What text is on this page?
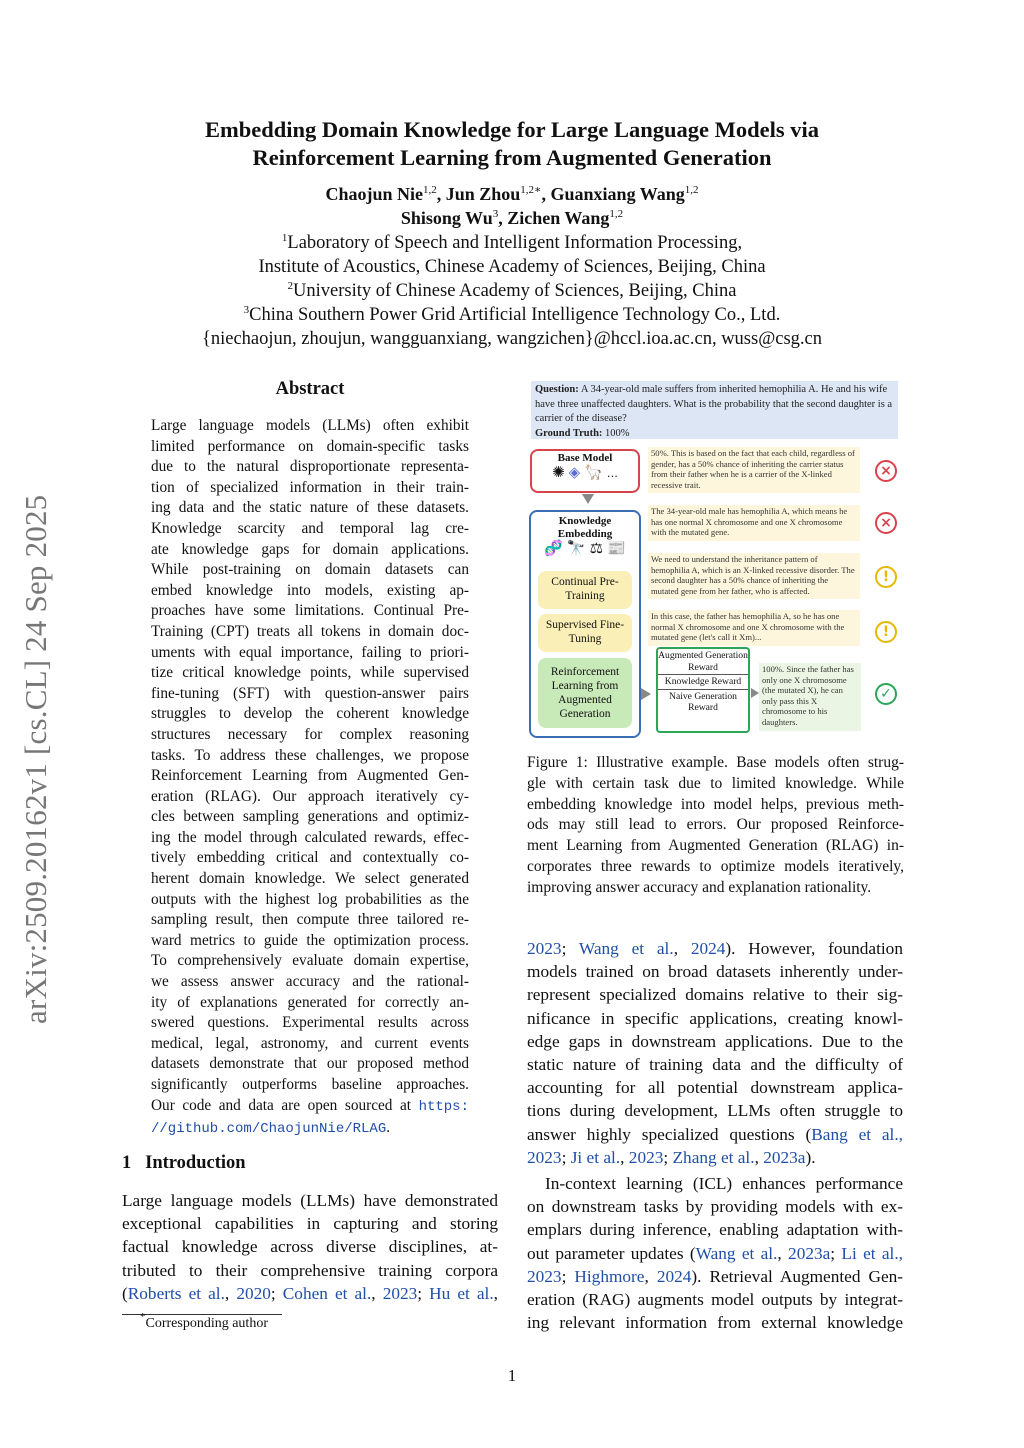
arXiv:2509.20162v1 [cs.CL] 24 Sep 2025
Embedding Domain Knowledge for Large Language Models via
Reinforcement Learning from Augmented Generation
Chaojun Nie$^{1,2}$, Jun Zhou$^{1,2∗}$, Guanxiang Wang$^{1,2}$
Shisong Wu$^3$, Zichen Wang$^{1,2}$
$^1$Laboratory of Speech and Intelligent Information Processing,
Institute of Acoustics, Chinese Academy of Sciences, Beijing, China
$^2$University of Chinese Academy of Sciences, Beijing, China
$^3$China Southern Power Grid Artificial Intelligence Technology Co., Ltd.
{niechaojun, zhoujun, wangguanxiang, wangzichen}@hccl.ioa.ac.cn, wuss@csg.cn
Abstract
Large language models (LLMs) often exhibit
limited performance on domain-specific tasks
due to the natural disproportionate representa-
tion of specialized information in their train-
ing data and the static nature of these datasets.
Knowledge scarcity and temporal lag cre-
ate knowledge gaps for domain applications.
While post-training on domain datasets can
embed knowledge into models, existing ap-
proaches have some limitations. Continual Pre-
Training (CPT) treats all tokens in domain doc-
uments with equal importance, failing to priori-
tize critical knowledge points, while supervised
fine-tuning (SFT) with question-answer pairs
struggles to develop the coherent knowledge
structures necessary for complex reasoning
tasks. To address these challenges, we propose
Reinforcement Learning from Augmented Gen-
eration (RLAG). Our approach iteratively cy-
cles between sampling generations and optimiz-
ing the model through calculated rewards, effec-
tively embedding critical and contextually co-
herent domain knowledge. We select generated
outputs with the highest log probabilities as the
sampling result, then compute three tailored re-
ward metrics to guide the optimization process.
To comprehensively evaluate domain expertise,
we assess answer accuracy and the rational-
ity of explanations generated for correctly an-
swered questions. Experimental results across
medical, legal, astronomy, and current events
datasets demonstrate that our proposed method
significantly outperforms baseline approaches.
Our code and data are open sourced at https:
//github.com/ChaojunNie/RLAG.
1 Introduction
Large language models (LLMs) have demonstrated
exceptional capabilities in capturing and storing
factual knowledge across diverse disciplines, at-
tributed to their comprehensive training corpora
(Roberts et al., 2020; Cohen et al., 2023; Hu et al.,
*Corresponding author
Question: A 34-year-old male suffers from inherited hemophilia A. He and his wife have three unaffected daughters. What is the probability that the second daughter is a carrier of the disease?
Ground Truth: 100%
Base Model
✺ ◈ 🦙 …
Knowledge Embedding
🧬 🔭 ⚖ 📰
Continual Pre-Training
Supervised Fine-Tuning
Reinforcement Learning from Augmented Generation
50%. This is based on the fact that each child, regardless of gender, has a 50% chance of inheriting the carrier status from their father when he is a carrier of the X-linked recessive trait.
×
The 34-year-old male has hemophilia A, which means he has one normal X chromosome and one X chromosome with the mutated gene.
×
We need to understand the inheritance pattern of hemophilia A, which is an X-linked recessive disorder. The second daughter has a 50% chance of inheriting the mutated gene from her father, who is affected.
!
In this case, the father has hemophilia A, so he has one normal X chromosome and one X chromosome with the mutated gene (let's call it Xm)...	!
Augmented Generation Reward
Knowledge Reward
Naive Generation Reward
100%. Since the father has only one X chromosome (the mutated X), he can only pass this X chromosome to his daughters.
✓
Figure 1: Illustrative example. Base models often strug-
gle with certain task due to limited knowledge. While
embedding knowledge into model helps, previous meth-
ods may still lead to errors. Our proposed Reinforce-
ment Learning from Augmented Generation (RLAG) in-
corporates three rewards to optimize models iteratively,
improving answer accuracy and explanation rationality.
2023; Wang et al., 2024). However, foundation
models trained on broad datasets inherently under-
represent specialized domains relative to their sig-
nificance in specific applications, creating knowl-
edge gaps in downstream applications. Due to the
static nature of training data and the difficulty of
accounting for all potential downstream applica-
tions during development, LLMs often struggle to
answer highly specialized questions (Bang et al.,
2023; Ji et al., 2023; Zhang et al., 2023a).
In-context learning (ICL) enhances performance
on downstream tasks by providing models with ex-
emplars during inference, enabling adaptation with-
out parameter updates (Wang et al., 2023a; Li et al.,
2023; Highmore, 2024). Retrieval Augmented Gen-
eration (RAG) augments model outputs by integrat-
ing relevant information from external knowledge
1
